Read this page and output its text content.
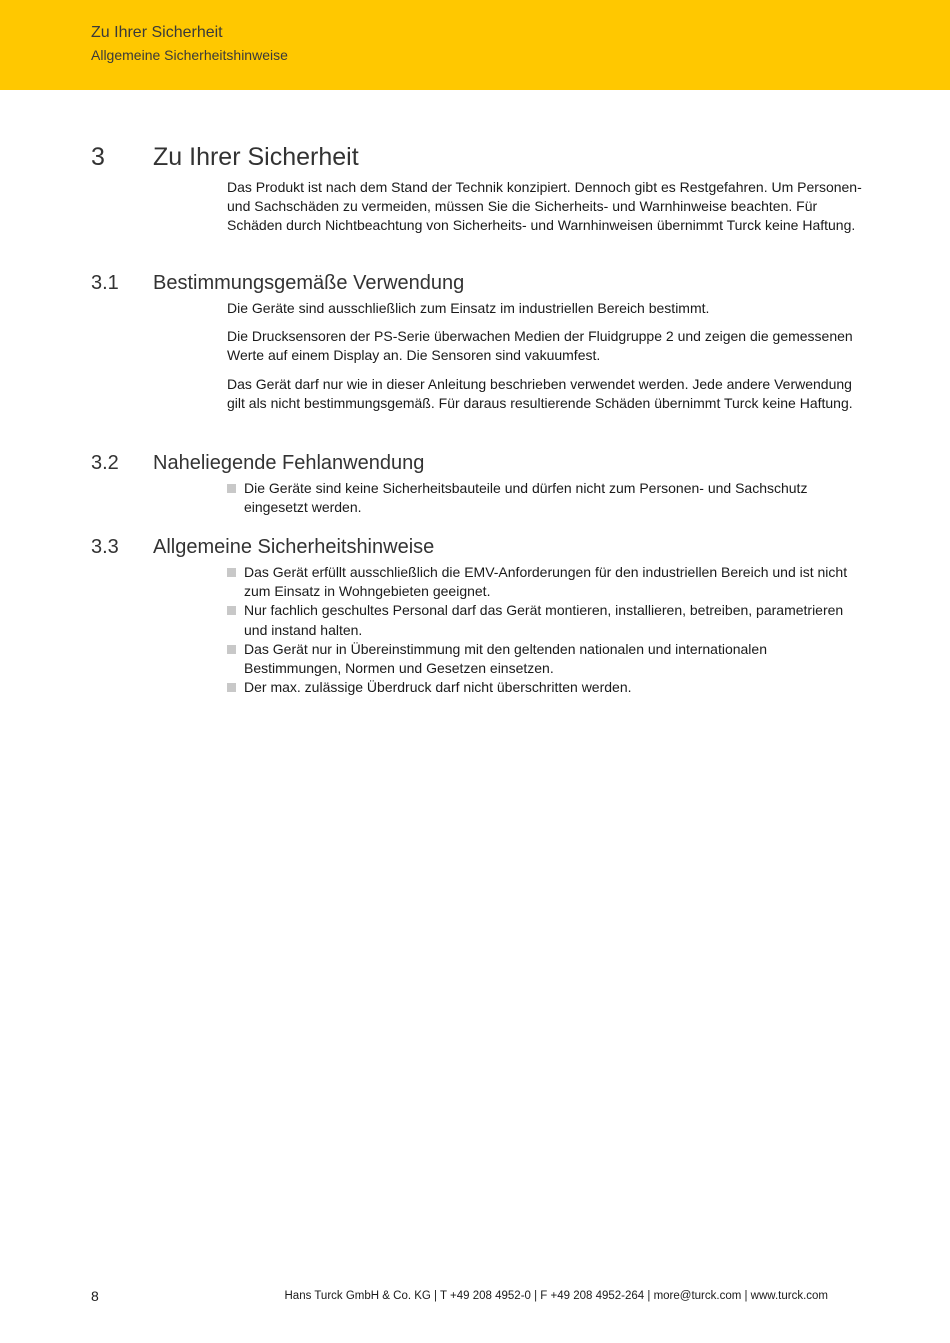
Zu Ihrer Sicherheit
Allgemeine Sicherheitshinweise
3 Zu Ihrer Sicherheit

Das Produkt ist nach dem Stand der Technik konzipiert. Dennoch gibt es Restgefahren. Um Personen- und Sachschäden zu vermeiden, müssen Sie die Sicherheits- und Warnhinweise beachten. Für Schäden durch Nichtbeachtung von Sicherheits- und Warnhinweisen übernimmt Turck keine Haftung.

3.1 Bestimmungsgemäße Verwendung

Die Geräte sind ausschließlich zum Einsatz im industriellen Bereich bestimmt.

Die Drucksensoren der PS-Serie überwachen Medien der Fluidgruppe 2 und zeigen die gemessenen Werte auf einem Display an. Die Sensoren sind vakuumfest.

Das Gerät darf nur wie in dieser Anleitung beschrieben verwendet werden. Jede andere Verwendung gilt als nicht bestimmungsgemäß. Für daraus resultierende Schäden übernimmt Turck keine Haftung.

3.2 Naheliegende Fehlanwendung
Die Geräte sind keine Sicherheitsbauteile und dürfen nicht zum Personen- und Sachschutz eingesetzt werden.
3.3 Allgemeine Sicherheitshinweise
Das Gerät erfüllt ausschließlich die EMV-Anforderungen für den industriellen Bereich und ist nicht zum Einsatz in Wohngebieten geeignet.
Nur fachlich geschultes Personal darf das Gerät montieren, installieren, betreiben, parametrieren und instand halten.
Das Gerät nur in Übereinstimmung mit den geltenden nationalen und internationalen Bestimmungen, Normen und Gesetzen einsetzen.
Der max. zulässige Überdruck darf nicht überschritten werden.
8	Hans Turck GmbH & Co. KG | T +49 208 4952-0 | F +49 208 4952-264 | more@turck.com | www.turck.com
